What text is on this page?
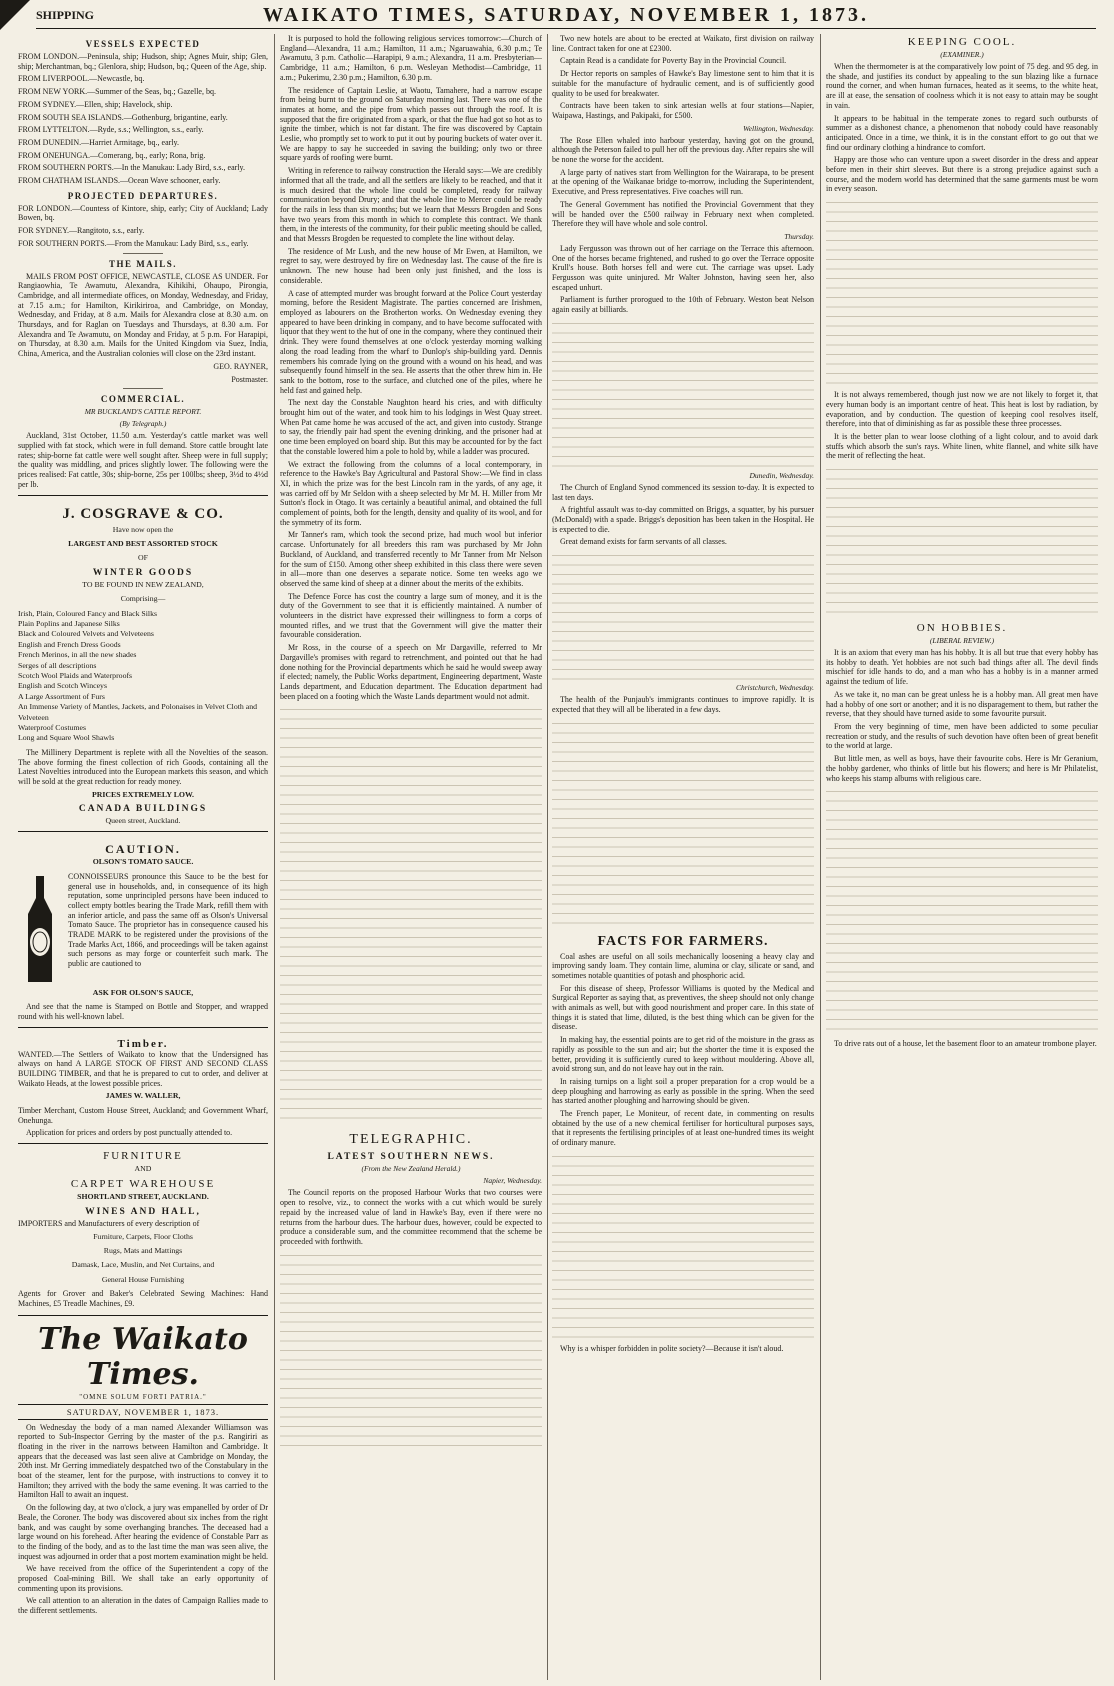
SHIPPING	WAIKATO TIMES, SATURDAY, NOVEMBER 1, 1873.
VESSELS EXPECTED

FROM LONDON.—Peninsula, ship; Hudson, ship; Agnes Muir, ship; Glen, ship; Merchantman, bq.; Glenlora, ship; Hudson, bq.; Queen of the Age, ship.

FROM LIVERPOOL.—Newcastle, bq.

FROM NEW YORK.—Summer of the Seas, bq.; Gazelle, bq.

FROM SYDNEY.—Ellen, ship; Havelock, ship.

FROM SOUTH SEA ISLANDS.—Gothenburg, brigantine, early.

FROM LYTTELTON.—Ryde, s.s.; Wellington, s.s., early.

FROM DUNEDIN.—Harriet Armitage, bq., early.

FROM ONEHUNGA.—Comerang, bq., early; Rona, brig.

FROM SOUTHERN PORTS.—In the Manukau: Lady Bird, s.s., early.

FROM CHATHAM ISLANDS.—Ocean Wave schooner, early.

PROJECTED DEPARTURES.

FOR LONDON.—Countess of Kintore, ship, early; City of Auckland; Lady Bowen, bq.

FOR SYDNEY.—Rangitoto, s.s., early.

FOR SOUTHERN PORTS.—From the Manukau: Lady Bird, s.s., early.

THE MAILS.

MAILS FROM POST OFFICE, NEWCASTLE, CLOSE AS UNDER. For Rangiaowhia, Te Awamutu, Alexandra, Kihikihi, Ohaupo, Pirongia, Cambridge, and all intermediate offices, on Monday, Wednesday, and Friday, at 7.15 a.m.; for Hamilton, Kirikiriroa, and Cambridge, on Monday, Wednesday, and Friday, at 8 a.m. Mails for Alexandra close at 8.30 a.m. on Thursdays, and for Raglan on Tuesdays and Thursdays, at 8.30 a.m. For Alexandra and Te Awamutu, on Monday and Friday, at 5 p.m. For Harapipi, on Thursday, at 8.30 a.m. Mails for the United Kingdom via Suez, India, China, America, and the Australian colonies will close on the 23rd instant.

GEO. RAYNER,

Postmaster.

COMMERCIAL.
MR BUCKLAND'S CATTLE REPORT.
(By Telegraph.)

Auckland, 31st October, 11.50 a.m. Yesterday's cattle market was well supplied with fat stock, which were in full demand. Store cattle brought late rates; ship-borne fat cattle were well sought after. Sheep were in full supply; the quality was middling, and prices slightly lower. The following were the prices realised: Fat cattle, 30s; ship-borne, 25s per 100lbs; sheep, 3½d to 4½d per lb.

J. COSGRAVE & CO.
Have now open the
LARGEST AND BEST ASSORTED STOCK
OF
WINTER GOODS
TO BE FOUND IN NEW ZEALAND,
Comprising—
Irish, Plain, Coloured Fancy and Black Silks
Plain Poplins and Japanese Silks
Black and Coloured Velvets and Velveteens
English and French Dress Goods
French Merinos, in all the new shades
Serges of all descriptions
Scotch Wool Plaids and Waterproofs
English and Scotch Winceys
A Large Assortment of Furs
An Immense Variety of Mantles, Jackets, and Polonaises in Velvet Cloth and Velveteen
Waterproof Costumes
Long and Square Wool Shawls

The Millinery Department is replete with all the Novelties of the season. The above forming the finest collection of rich Goods, containing all the Latest Novelties introduced into the European markets this season, and which will be sold at the great reduction for ready money.

PRICES EXTREMELY LOW.
CANADA BUILDINGS
Queen street, Auckland.
CAUTION.
OLSON'S TOMATO SAUCE.

CONNOISSEURS pronounce this Sauce to be the best for general use in households, and, in consequence of its high reputation, some unprincipled persons have been induced to collect empty bottles bearing the Trade Mark, refill them with an inferior article, and pass the same off as Olson's Universal Tomato Sauce. The proprietor has in consequence caused his TRADE MARK to be registered under the provisions of the Trade Marks Act, 1866, and proceedings will be taken against such persons as may forge or counterfeit such mark. The public are cautioned to

ASK FOR OLSON'S SAUCE,

And see that the name is Stamped on Bottle and Stopper, and wrapped round with his well-known label.

Timber.

WANTED.—The Settlers of Waikato to know that the Undersigned has always on hand A LARGE STOCK OF FIRST AND SECOND CLASS BUILDING TIMBER, and that he is prepared to cut to order, and deliver at Waikato Heads, at the lowest possible prices.

JAMES W. WALLER,

Timber Merchant, Custom House Street, Auckland; and Government Wharf, Onehunga.

Application for prices and orders by post punctually attended to.

FURNITURE
AND
CARPET WAREHOUSE
SHORTLAND STREET, AUCKLAND.
WINES AND HALL,

IMPORTERS and Manufacturers of every description of

Furniture, Carpets, Floor Cloths
Rugs, Mats and Mattings
Damask, Lace, Muslin, and Net Curtains, and
General House Furnishing

Agents for Grover and Baker's Celebrated Sewing Machines: Hand Machines, £5 Treadle Machines, £9.

The Waikato Times.
"OMNE SOLUM FORTI PATRIA."
SATURDAY, NOVEMBER 1, 1873.

On Wednesday the body of a man named Alexander Williamson was reported to Sub-Inspector Gerring by the master of the p.s. Rangiriri as floating in the river in the narrows between Hamilton and Cambridge. It appears that the deceased was last seen alive at Cambridge on Monday, the 20th inst. Mr Gerring immediately despatched two of the Constabulary in the boat of the steamer, lent for the purpose, with instructions to convey it to Hamilton; they arrived with the body the same evening. It was carried to the Hamilton Hall to await an inquest.

On the following day, at two o'clock, a jury was empanelled by order of Dr Beale, the Coroner. The body was discovered about six inches from the right bank, and was caught by some overhanging branches. The deceased had a large wound on his forehead. After hearing the evidence of Constable Parr as to the finding of the body, and as to the last time the man was seen alive, the inquest was adjourned in order that a post mortem examination might be held.

We have received from the office of the Superintendent a copy of the proposed Coal-mining Bill. We shall take an early opportunity of commenting upon its provisions.

We call attention to an alteration in the dates of Campaign Rallies made to the different settlements.

It is purposed to hold the following religious services tomorrow:—Church of England—Alexandra, 11 a.m.; Hamilton, 11 a.m.; Ngaruawahia, 6.30 p.m.; Te Awamutu, 3 p.m. Catholic—Harapipi, 9 a.m.; Alexandra, 11 a.m. Presbyterian—Cambridge, 11 a.m.; Hamilton, 6 p.m. Wesleyan Methodist—Cambridge, 11 a.m.; Pukerimu, 2.30 p.m.; Hamilton, 6.30 p.m.

The residence of Captain Leslie, at Waotu, Tamahere, had a narrow escape from being burnt to the ground on Saturday morning last. There was one of the inmates at home, and the pipe from which passes out through the roof. It is supposed that the fire originated from a spark, or that the flue had got so hot as to ignite the timber, which is not far distant. The fire was discovered by Captain Leslie, who promptly set to work to put it out by pouring buckets of water over it. We are happy to say he succeeded in saving the building; only two or three square yards of roofing were burnt.

Writing in reference to railway construction the Herald says:—We are credibly informed that all the trade, and all the settlers are likely to be reached, and that it is much desired that the whole line could be completed, ready for railway communication beyond Drury; and that the whole line to Mercer could be ready for the rails in less than six months; but we learn that Messrs Brogden and Sons have two years from this month in which to complete this contract. We thank them, in the interests of the community, for their public meeting should be called, and that Messrs Brogden be requested to complete the line without delay.

The residence of Mr Lush, and the new house of Mr Ewen, at Hamilton, we regret to say, were destroyed by fire on Wednesday last. The cause of the fire is unknown. The new house had been only just finished, and the loss is considerable.

A case of attempted murder was brought forward at the Police Court yesterday morning, before the Resident Magistrate. The parties concerned are Irishmen, employed as labourers on the Brotherton works. On Wednesday evening they appeared to have been drinking in company, and to have become suffocated with liquor that they went to the hut of one in the company, where they continued their drink. They were found themselves at one o'clock yesterday morning walking along the road leading from the wharf to Dunlop's ship-building yard. Dennis remembers his comrade lying on the ground with a wound on his head, and was subsequently found himself in the sea. He asserts that the other threw him in. He sank to the bottom, rose to the surface, and clutched one of the piles, where he held fast and gained help.

The next day the Constable Naughton heard his cries, and with difficulty brought him out of the water, and took him to his lodgings in West Quay street. When Pat came home he was accused of the act, and given into custody. Strange to say, the friendly pair had spent the evening drinking, and the prisoner had at one time been employed on board ship. But this may be accounted for by the fact that the constable lowered him a pole to hold by, while a ladder was procured.

We extract the following from the columns of a local contemporary, in reference to the Hawke's Bay Agricultural and Pastoral Show:—We find in class XI, in which the prize was for the best Lincoln ram in the yards, of any age, it was carried off by Mr Seldon with a sheep selected by Mr M. H. Miller from Mr Sutton's flock in Otago. It was certainly a beautiful animal, and obtained the full complement of points, both for the length, density and quality of its wool, and for the symmetry of its form.

Mr Tanner's ram, which took the second prize, had much wool but inferior carcase. Unfortunately for all breeders this ram was purchased by Mr John Buckland, of Auckland, and transferred recently to Mr Tanner from Mr Nelson for the sum of £150. Among other sheep exhibited in this class there were seven in all—more than one deserves a separate notice. Some ten weeks ago we observed the same kind of sheep at a dinner about the merits of the exhibits.

The Defence Force has cost the country a large sum of money, and it is the duty of the Government to see that it is efficiently maintained. A number of volunteers in the district have expressed their willingness to form a corps of mounted rifles, and we trust that the Government will give the matter their favourable consideration.

Mr Ross, in the course of a speech on Mr Dargaville, referred to Mr Dargaville's promises with regard to retrenchment, and pointed out that he had done nothing for the Provincial departments which he said he would sweep away if elected; namely, the Public Works department, Engineering department, Waste Lands department, and Education department. The Education department had been placed on a footing which the Waste Lands department would not admit.

TELEGRAPHIC.
LATEST SOUTHERN NEWS.
(From the New Zealand Herald.)
Napier, Wednesday.

The Council reports on the proposed Harbour Works that two courses were open to resolve, viz., to connect the works with a cut which would be surely repaid by the increased value of land in Hawke's Bay, even if there were no returns from the harbour dues. The harbour dues, however, could be expected to produce a considerable sum, and the committee recommend that the scheme be proceeded with forthwith.

Two new hotels are about to be erected at Waikato, first division on railway line. Contract taken for one at £2300.

Captain Read is a candidate for Poverty Bay in the Provincial Council.

Dr Hector reports on samples of Hawke's Bay limestone sent to him that it is suitable for the manufacture of hydraulic cement, and is of sufficiently good quality to be used for breakwater.

Contracts have been taken to sink artesian wells at four stations—Napier, Waipawa, Hastings, and Pakipaki, for £500.

Wellington, Wednesday.

The Rose Ellen whaled into harbour yesterday, having got on the ground, although the Peterson failed to pull her off the previous day. After repairs she will be none the worse for the accident.

A large party of natives start from Wellington for the Wairarapa, to be present at the opening of the Waikanae bridge to-morrow, including the Superintendent, Executive, and Press representatives. Five coaches will run.

The General Government has notified the Provincial Government that they will be handed over the £500 railway in February next when completed. Therefore they will have whole and sole control.

Thursday.

Lady Fergusson was thrown out of her carriage on the Terrace this afternoon. One of the horses became frightened, and rushed to go over the Terrace opposite Krull's house. Both horses fell and were cut. The carriage was upset. Lady Fergusson was quite uninjured. Mr Walter Johnston, having seen her, also escaped unhurt.

Parliament is further prorogued to the 10th of February. Weston beat Nelson again easily at billiards.

Dunedin, Wednesday.

The Church of England Synod commenced its session to-day. It is expected to last ten days.

A frightful assault was to-day committed on Briggs, a squatter, by his pursuer (McDonald) with a spade. Briggs's deposition has been taken in the Hospital. He is expected to die.

Great demand exists for farm servants of all classes.

Christchurch, Wednesday.

The health of the Punjaub's immigrants continues to improve rapidly. It is expected that they will all be liberated in a few days.

FACTS FOR FARMERS.

Coal ashes are useful on all soils mechanically loosening a heavy clay and improving sandy loam. They contain lime, alumina or clay, silicate or sand, and sometimes notable quantities of potash and phosphoric acid.

For this disease of sheep, Professor Williams is quoted by the Medical and Surgical Reporter as saying that, as preventives, the sheep should not only change with animals as well, but with good nourishment and proper care. In this state of things it is stated that lime, diluted, is the best thing which can be given for the disease.

In making hay, the essential points are to get rid of the moisture in the grass as rapidly as possible to the sun and air; but the shorter the time it is exposed the better, providing it is sufficiently cured to keep without mouldering. Above all, avoid strong sun, and do not leave hay out in the rain.

In raising turnips on a light soil a proper preparation for a crop would be a deep ploughing and harrowing as early as possible in the spring. When the seed has started another ploughing and harrowing should be given.

The French paper, Le Moniteur, of recent date, in commenting on results obtained by the use of a new chemical fertiliser for horticultural purposes says, that it represents the fertilising principles of at least one-hundred times its weight of ordinary manure.

Why is a whisper forbidden in polite society?—Because it isn't aloud.

KEEPING COOL.
(EXAMINER.)

When the thermometer is at the comparatively low point of 75 deg. and 95 deg. in the shade, and justifies its conduct by appealing to the sun blazing like a furnace round the corner, and when human furnaces, heated as it seems, to the white heat, are ill at ease, the sensation of coolness which it is not easy to attain may be sought in vain.

It appears to be habitual in the temperate zones to regard such outbursts of summer as a dishonest chance, a phenomenon that nobody could have reasonably anticipated. Once in a time, we think, it is in the constant effort to go out that we find our ordinary clothing a hindrance to comfort.

Happy are those who can venture upon a sweet disorder in the dress and appear before men in their shirt sleeves. But there is a strong prejudice against such a course, and the modern world has determined that the same garments must be worn in every season.

It is not always remembered, though just now we are not likely to forget it, that every human body is an important centre of heat. This heat is lost by radiation, by evaporation, and by conduction. The question of keeping cool resolves itself, therefore, into that of diminishing as far as possible these three processes.

It is the better plan to wear loose clothing of a light colour, and to avoid dark stuffs which absorb the sun's rays. White linen, white flannel, and white silk have the merit of reflecting the heat.

ON HOBBIES.
(LIBERAL REVIEW.)

It is an axiom that every man has his hobby. It is all but true that every hobby has its hobby to death. Yet hobbies are not such bad things after all. The devil finds mischief for idle hands to do, and a man who has a hobby is in a manner armed against the tedium of life.

As we take it, no man can be great unless he is a hobby man. All great men have had a hobby of one sort or another; and it is no disparagement to them, but rather the reverse, that they should have turned aside to some favourite pursuit.

From the very beginning of time, men have been addicted to some peculiar recreation or study, and the results of such devotion have often been of great benefit to the world at large.

But little men, as well as boys, have their favourite cobs. Here is Mr Geranium, the hobby gardener, who thinks of little but his flowers; and here is Mr Philatelist, who keeps his stamp albums with religious care.

To drive rats out of a house, let the basement floor to an amateur trombone player.
